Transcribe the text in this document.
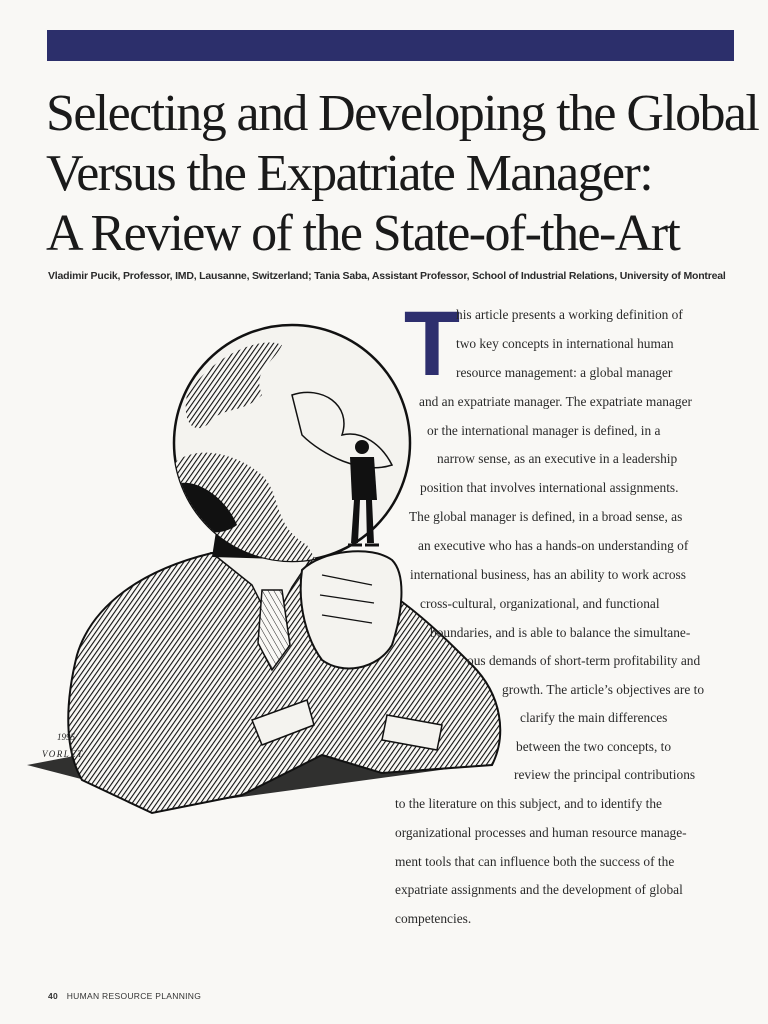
Selecting and Developing the Global
Versus the Expatriate Manager:
A Review of the State-of-the-Art
Vladimir Pucik, Professor, IMD, Lausanne, Switzerland; Tania Saba, Assistant Professor, School of Industrial Relations, University of Montreal
1995
VORLET
T
his article presents a working definition of
two key concepts in international human
resource management: a global manager
and an expatriate manager. The expatriate manager
or the international manager is defined, in a
narrow sense, as an executive in a leadership
position that involves international assignments.
The global manager is defined, in a broad sense, as
an executive who has a hands-on understanding of
international business, has an ability to work across
cross-cultural, organizational, and functional
boundaries, and is able to balance the simultane-
ous demands of short-term profitability and
growth. The article’s objectives are to
clarify the main differences
between the two concepts, to
review the principal contributions
to the literature on this subject, and to identify the
organizational processes and human resource manage-
ment tools that can influence both the success of the
expatriate assignments and the development of global
competencies.
40 HUMAN RESOURCE PLANNING
